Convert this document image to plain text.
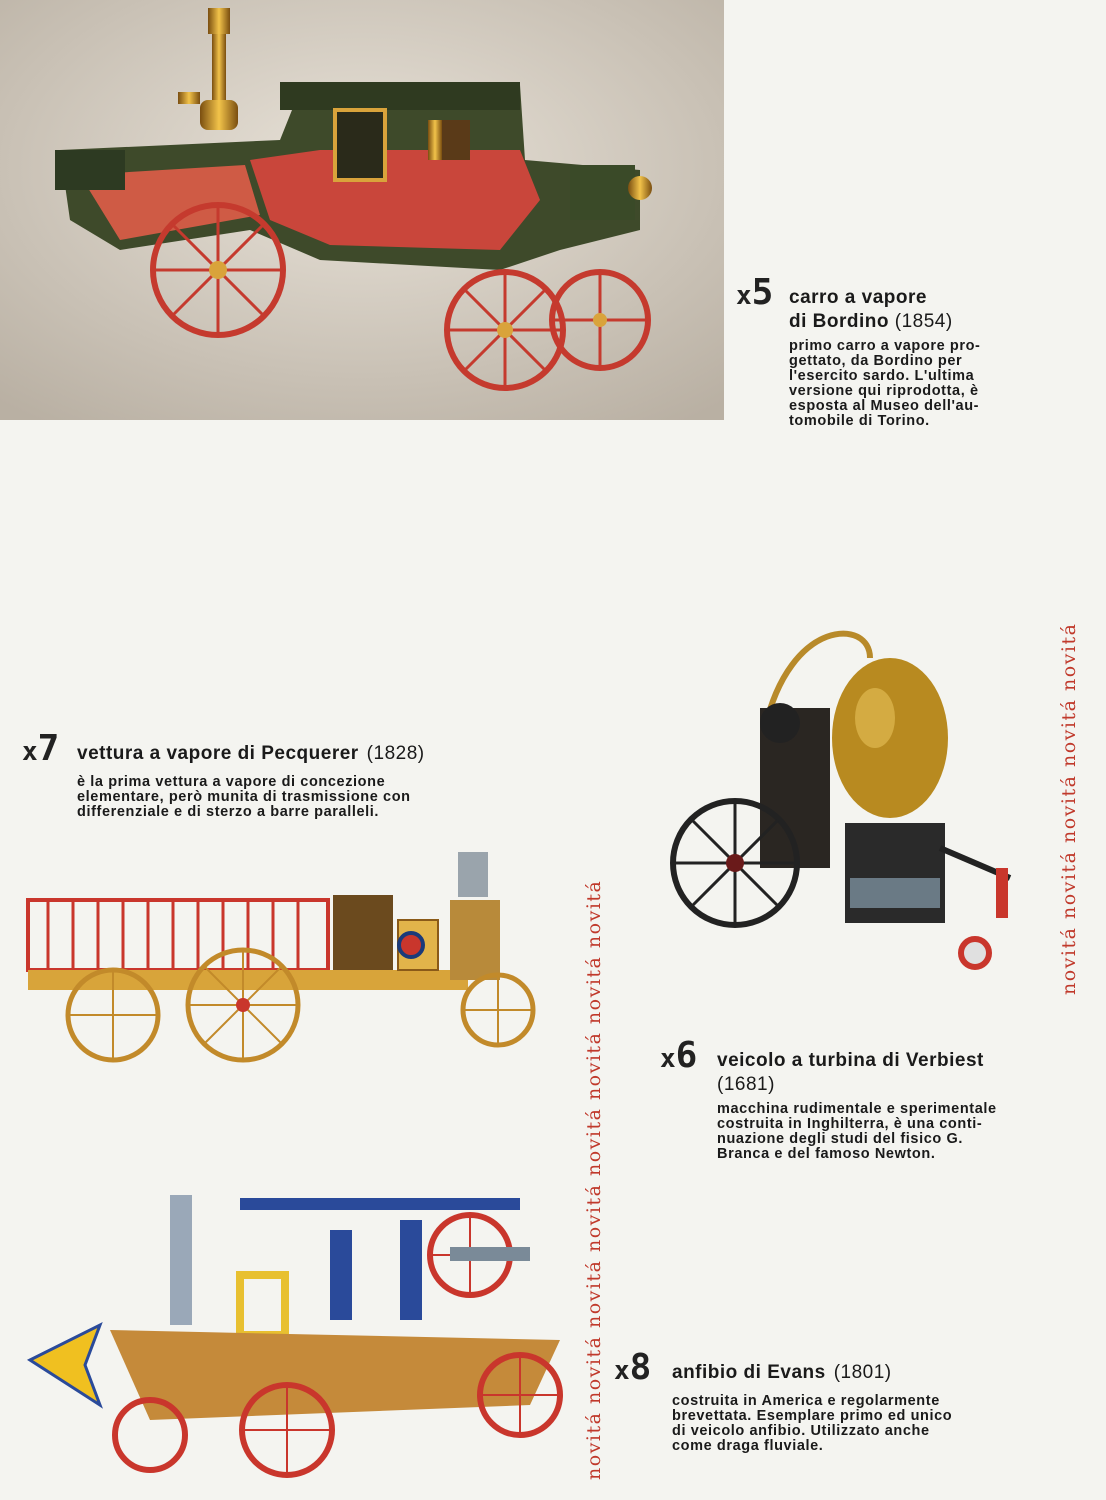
x5 carro a vapore
di Bordino (1854)
primo carro a vapore pro-
gettato, da Bordino per
l'esercito sardo. L'ultima
versione qui riprodotta, è
esposta al Museo dell'au-
tomobile di Torino.
x7 vettura a vapore di Pecquerer (1828)
è la prima vettura a vapore di concezione
elementare, però munita di trasmissione con
differenziale e di sterzo a barre paralleli.	novitá novitá novitá novitá novitá
x6	veicolo a turbina di Verbiest
(1681)
macchina rudimentale e sperimentale
costruita in Inghilterra, è una conti-
nuazione degli studi del fisico G.
Branca e del famoso Newton.
novitá novitá novitá novitá novitá novitá novitá novitá x8	anfibio di Evans (1801)
costruita in America e regolarmente
brevettata. Esemplare primo ed unico
di veicolo anfibio. Utilizzato anche
come draga fluviale.
